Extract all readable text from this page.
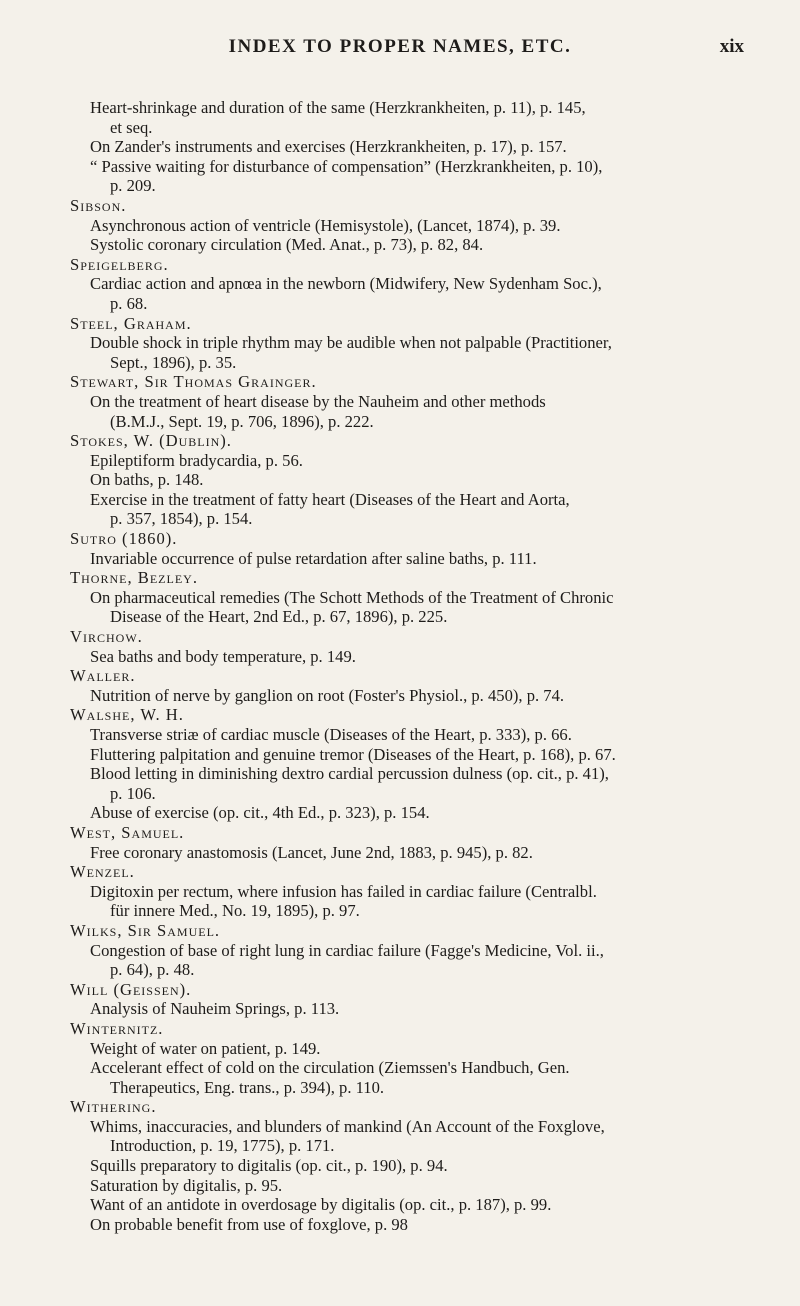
INDEX TO PROPER NAMES, ETC.	xix
Heart-shrinkage and duration of the same (Herzkrankheiten, p. 11), p. 145,
et seq.
On Zander's instruments and exercises (Herzkrankheiten, p. 17), p. 157.
“ Passive waiting for disturbance of compensation” (Herzkrankheiten, p. 10),
p. 209.
Sibson.
Asynchronous action of ventricle (Hemisystole), (Lancet, 1874), p. 39.
Systolic coronary circulation (Med. Anat., p. 73), p. 82, 84.
Speigelberg.
Cardiac action and apnœa in the newborn (Midwifery, New Sydenham Soc.),
p. 68.
Steel, Graham.
Double shock in triple rhythm may be audible when not palpable (Practitioner,
Sept., 1896), p. 35.
Stewart, Sir Thomas Grainger.
On the treatment of heart disease by the Nauheim and other methods
(B.M.J., Sept. 19, p. 706, 1896), p. 222.
Stokes, W. (Dublin).
Epileptiform bradycardia, p. 56.
On baths, p. 148.
Exercise in the treatment of fatty heart (Diseases of the Heart and Aorta,
p. 357, 1854), p. 154.
Sutro (1860).
Invariable occurrence of pulse retardation after saline baths, p. 111.
Thorne, Bezley.
On pharmaceutical remedies (The Schott Methods of the Treatment of Chronic
Disease of the Heart, 2nd Ed., p. 67, 1896), p. 225.
Virchow.
Sea baths and body temperature, p. 149.
Waller.
Nutrition of nerve by ganglion on root (Foster's Physiol., p. 450), p. 74.
Walshe, W. H.
Transverse striæ of cardiac muscle (Diseases of the Heart, p. 333), p. 66.
Fluttering palpitation and genuine tremor (Diseases of the Heart, p. 168), p. 67.
Blood letting in diminishing dextro cardial percussion dulness (op. cit., p. 41),
p. 106.
Abuse of exercise (op. cit., 4th Ed., p. 323), p. 154.
West, Samuel.
Free coronary anastomosis (Lancet, June 2nd, 1883, p. 945), p. 82.
Wenzel.
Digitoxin per rectum, where infusion has failed in cardiac failure (Centralbl.
für innere Med., No. 19, 1895), p. 97.
Wilks, Sir Samuel.
Congestion of base of right lung in cardiac failure (Fagge's Medicine, Vol. ii.,
p. 64), p. 48.
Will (Geissen).
Analysis of Nauheim Springs, p. 113.
Winternitz.
Weight of water on patient, p. 149.
Accelerant effect of cold on the circulation (Ziemssen's Handbuch, Gen.
Therapeutics, Eng. trans., p. 394), p. 110.
Withering.
Whims, inaccuracies, and blunders of mankind (An Account of the Foxglove,
Introduction, p. 19, 1775), p. 171.
Squills preparatory to digitalis (op. cit., p. 190), p. 94.
Saturation by digitalis, p. 95.
Want of an antidote in overdosage by digitalis (op. cit., p. 187), p. 99.
On probable benefit from use of foxglove, p. 98
